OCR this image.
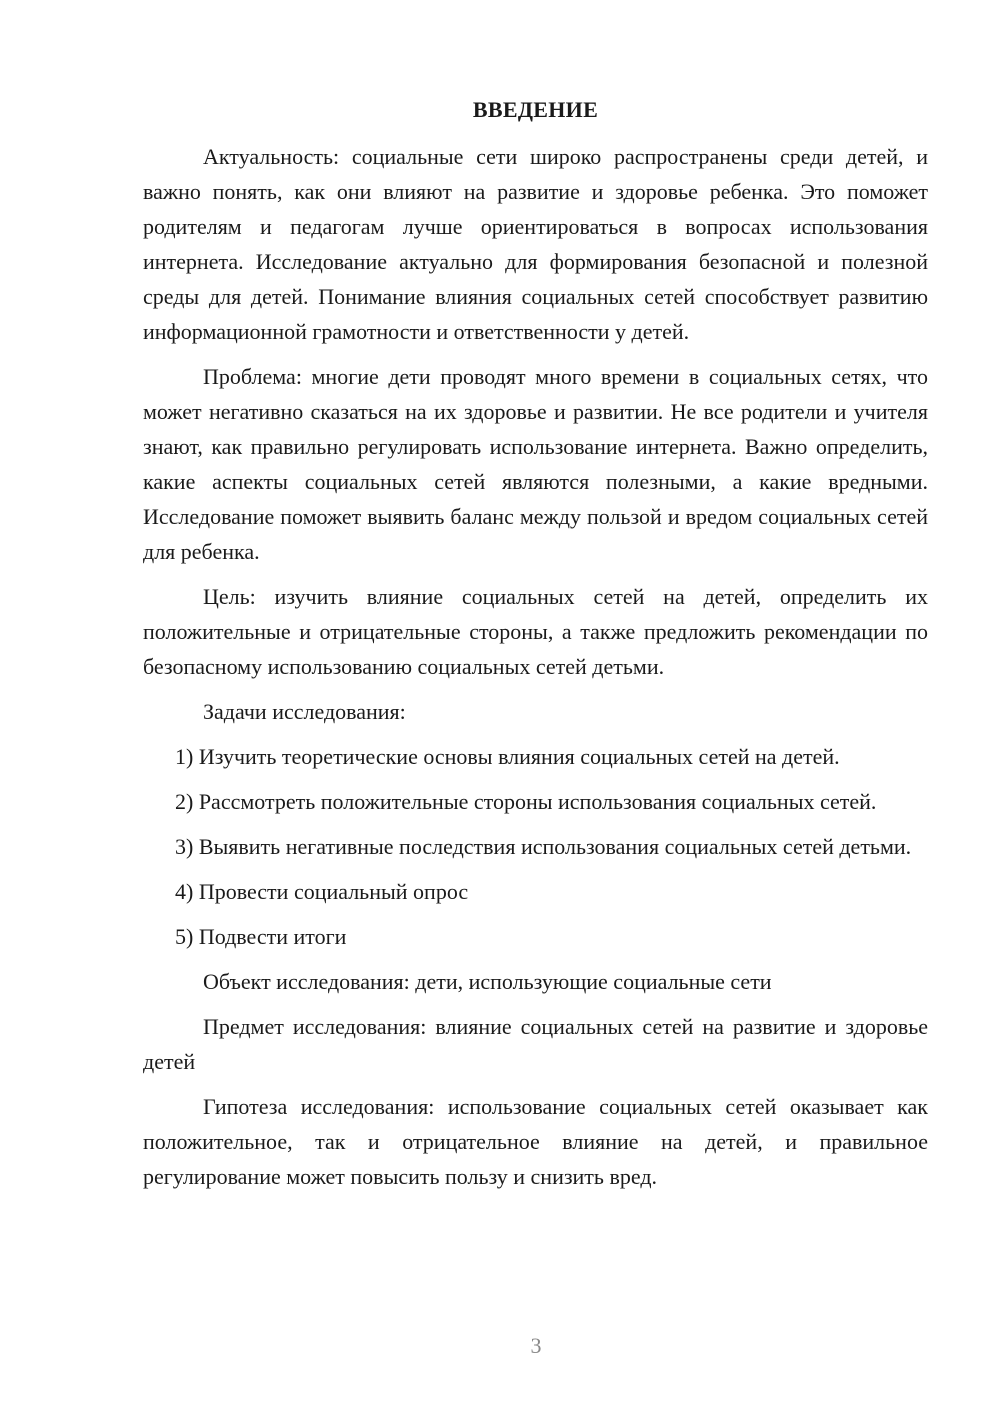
ВВЕДЕНИЕ

Актуальность: социальные сети широко распространены среди детей, и важно понять, как они влияют на развитие и здоровье ребенка. Это поможет родителям и педагогам лучше ориентироваться в вопросах использования интернета. Исследование актуально для формирования безопасной и полезной среды для детей. Понимание влияния социальных сетей способствует развитию информационной грамотности и ответственности у детей.

Проблема: многие дети проводят много времени в социальных сетях, что может негативно сказаться на их здоровье и развитии. Не все родители и учителя знают, как правильно регулировать использование интернета. Важно определить, какие аспекты социальных сетей являются полезными, а какие вредными. Исследование поможет выявить баланс между пользой и вредом социальных сетей для ребенка.

Цель: изучить влияние социальных сетей на детей, определить их положительные и отрицательные стороны, а также предложить рекомендации по безопасному использованию социальных сетей детьми.

Задачи исследования:

1) Изучить теоретические основы влияния социальных сетей на детей.

2) Рассмотреть положительные стороны использования социальных сетей.

3) Выявить негативные последствия использования социальных сетей детьми.

4) Провести социальный опрос

5) Подвести итоги

Объект исследования: дети, использующие социальные сети

Предмет исследования: влияние социальных сетей на развитие и здоровье детей

Гипотеза исследования: использование социальных сетей оказывает как положительное, так и отрицательное влияние на детей, и правильное регулирование может повысить пользу и снизить вред.

3
